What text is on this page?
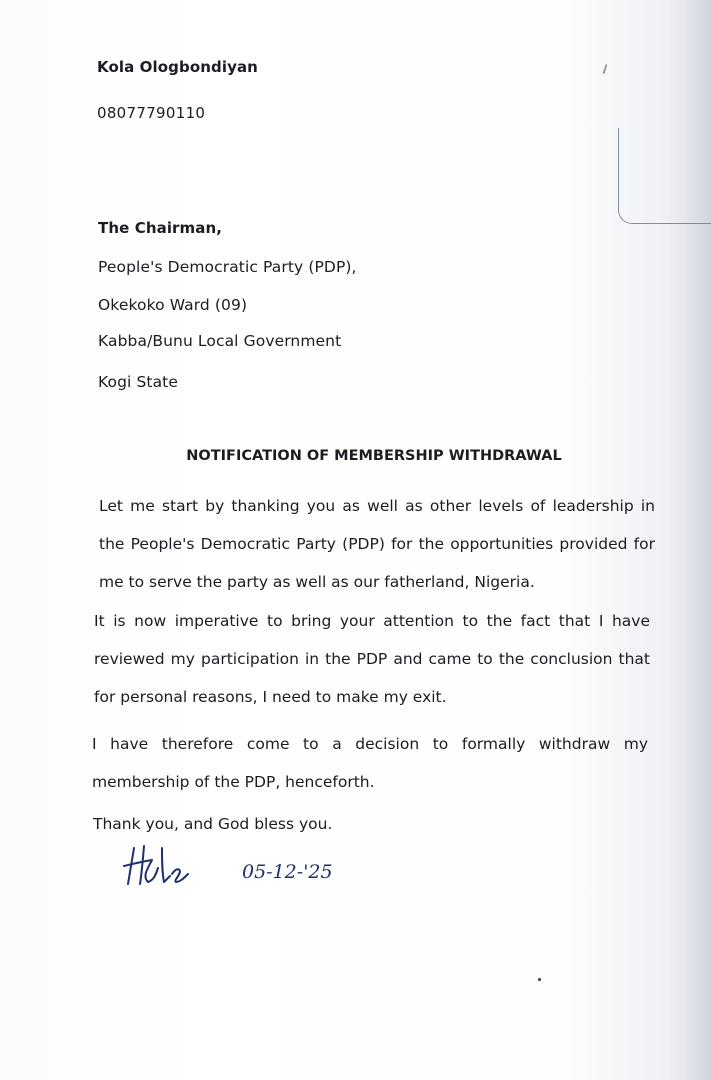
Kola Ologbondiyan

08077790110

The Chairman,

People's Democratic Party (PDP),

Okekoko Ward (09)

Kabba/Bunu Local Government

Kogi State

NOTIFICATION OF MEMBERSHIP WITHDRAWAL

Let me start by thanking you as well as other levels of leadership in the People's Democratic Party (PDP) for the opportunities provided for me to serve the party as well as our fatherland, Nigeria.

It is now imperative to bring your attention to the fact that I have reviewed my participation in the PDP and came to the conclusion that for personal reasons, I need to make my exit.

I have therefore come to a decision to formally withdraw my membership of the PDP, henceforth.

Thank you, and God bless you.

05-12-'25
